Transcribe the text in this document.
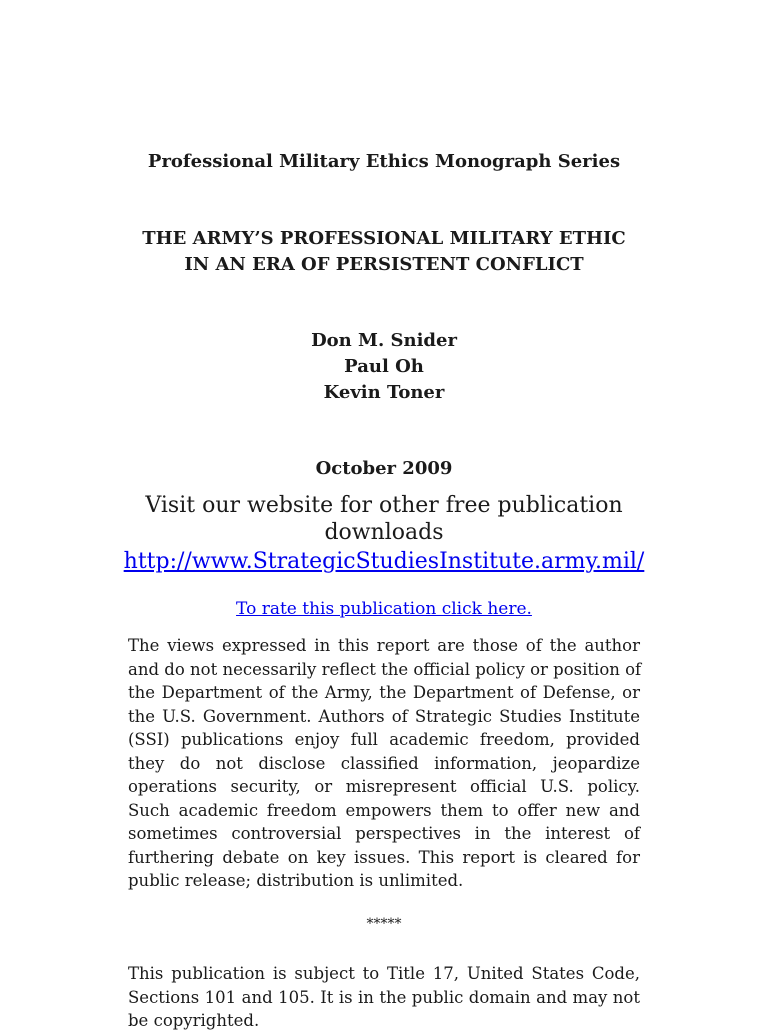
Professional Military Ethics Monograph Series
THE ARMY’S PROFESSIONAL MILITARY ETHIC
IN AN ERA OF PERSISTENT CONFLICT
Don M. Snider
Paul Oh
Kevin Toner
October 2009
Visit our website for other free publication
downloads
http://www.StrategicStudiesInstitute.army.mil/
To rate this publication click here.
The views expressed in this report are those of the author
and do not necessarily reflect the official policy or position of
the Department of the Army, the Department of Defense, or
the U.S. Government. Authors of Strategic Studies Institute
(SSI) publications enjoy full academic freedom, provided
they do not disclose classified information, jeopardize
operations security, or misrepresent official U.S. policy.
Such academic freedom empowers them to offer new and
sometimes controversial perspectives in the interest of
furthering debate on key issues. This report is cleared for
public release; distribution is unlimited.
*****
This publication is subject to Title 17, United States Code,
Sections 101 and 105. It is in the public domain and may not
be copyrighted.
